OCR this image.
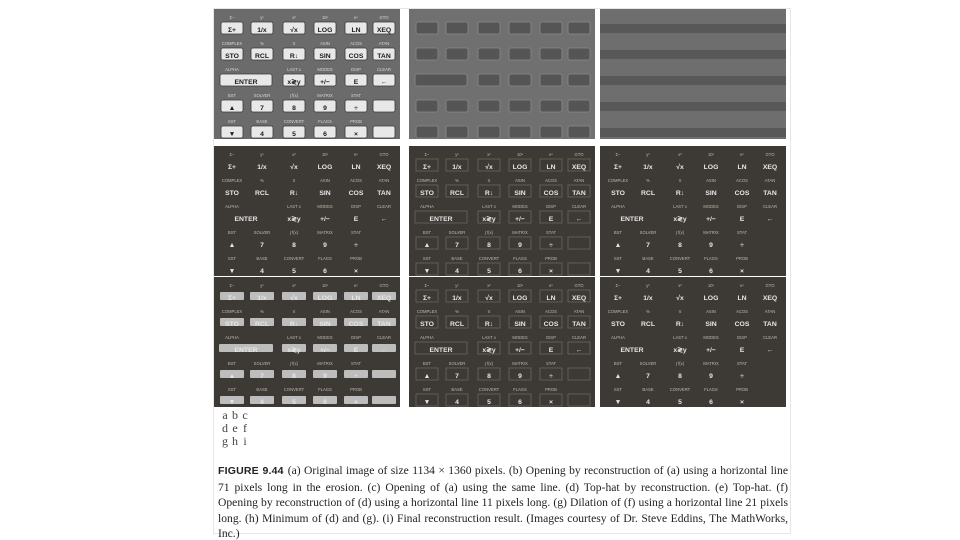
Σ+	1/x	√x	LOG	LN XEQ
Σ−	yˣ	x²	10ˣ	eˣ	GTO
STO RCL	R↓	SIN	COS TAN
COMPLEX	%	π	ASIN	ACOS	ATAN
ENTER	x≷y	+/−	E	←
ALPHA	LAST x	MODES	DISP	CLEAR
▲	7	8	9	÷
BST	SOLVER	∫ f(x)	MATRIX	STAT
▼	4	5	6	×
SST	BASE	CONVERT	FLAGS	PROB
Σ+	1/x	√x	LOG	LN XEQ
Σ−	yˣ	x²	10ˣ	eˣ	GTO
STO RCL	R↓	SIN	COS TAN
COMPLEX	%	π	ASIN	ACOS	ATAN
ENTER	x≷y	+/−	E	←
ALPHA	LAST x	MODES	DISP	CLEAR
▲	7	8	9	÷
BST	SOLVER	∫ f(x)	MATRIX	STAT
▼	4	5	6	×
SST	BASE	CONVERT	FLAGS	PROB
Σ+	1/x	√x	LOG	LN XEQ
Σ−	yˣ	x²	10ˣ	eˣ	GTO
STO RCL	R↓	SIN	COS TAN
COMPLEX	%	π	ASIN	ACOS	ATAN
ENTER	x≷y	+/−	E	←
ALPHA	LAST x	MODES	DISP	CLEAR
▲	7	8	9	÷
BST	SOLVER	∫ f(x)	MATRIX	STAT
▼	4	5	6	×
SST	BASE	CONVERT	FLAGS	PROB
Σ+	1/x	√x	LOG	LN XEQ
Σ−	yˣ	x²	10ˣ	eˣ	GTO
STO RCL	R↓	SIN	COS TAN
COMPLEX	%	π	ASIN	ACOS	ATAN
ENTER	x≷y	+/−	E	←
ALPHA	LAST x	MODES	DISP	CLEAR
▲	7	8	9	÷
BST	SOLVER	∫ f(x)	MATRIX	STAT
▼	4	5	6	×
SST	BASE	CONVERT	FLAGS	PROB
Σ+	1/x	√x	LOG	LN XEQ
Σ−	yˣ	x²	10ˣ	eˣ	GTO
STO RCL	R↓	SIN	COS TAN
COMPLEX	%	π	ASIN	ACOS	ATAN
ENTER	x≷y	+/−	E	←
ALPHA	LAST x	MODES	DISP	CLEAR
▲	7	8	9	÷
BST	SOLVER	∫ f(x)	MATRIX	STAT
▼	4	5	6	×
SST	BASE	CONVERT	FLAGS	PROB
Σ+	1/x	√x	LOG	LN XEQ
Σ−	yˣ	x²	10ˣ	eˣ	GTO
STO RCL	R↓	SIN	COS TAN
COMPLEX	%	π	ASIN	ACOS	ATAN
ENTER	x≷y	+/−	E	←
ALPHA	LAST x	MODES	DISP	CLEAR
▲	7	8	9	÷
BST	SOLVER	∫ f(x)	MATRIX	STAT
▼	4	5	6	×
SST	BASE	CONVERT	FLAGS	PROB
Σ+	1/x	√x	LOG	LN XEQ
Σ−	yˣ	x²	10ˣ	eˣ	GTO
STO RCL	R↓	SIN	COS TAN
COMPLEX	%	π	ASIN	ACOS	ATAN
ENTER	x≷y	+/−	E	←
ALPHA	LAST x	MODES	DISP	CLEAR
▲	7	8	9	÷
BST	SOLVER	∫ f(x)	MATRIX	STAT
▼	4	5	6	×
SST	BASE	CONVERT	FLAGS	PROB
a b c
d e f
g h i

FIGURE 9.44 (a) Original image of size 1134 × 1360 pixels. (b) Opening by reconstruction of (a) using a horizontal line 71 pixels long in the erosion. (c) Opening of (a) using the same line. (d) Top-hat by reconstruction. (e) Top-hat. (f) Opening by reconstruction of (d) using a horizontal line 11 pixels long. (g) Dilation of (f) using a horizontal line 21 pixels long. (h) Minimum of (d) and (g). (i) Final reconstruction result. (Images courtesy of Dr. Steve Eddins, The MathWorks, Inc.)
